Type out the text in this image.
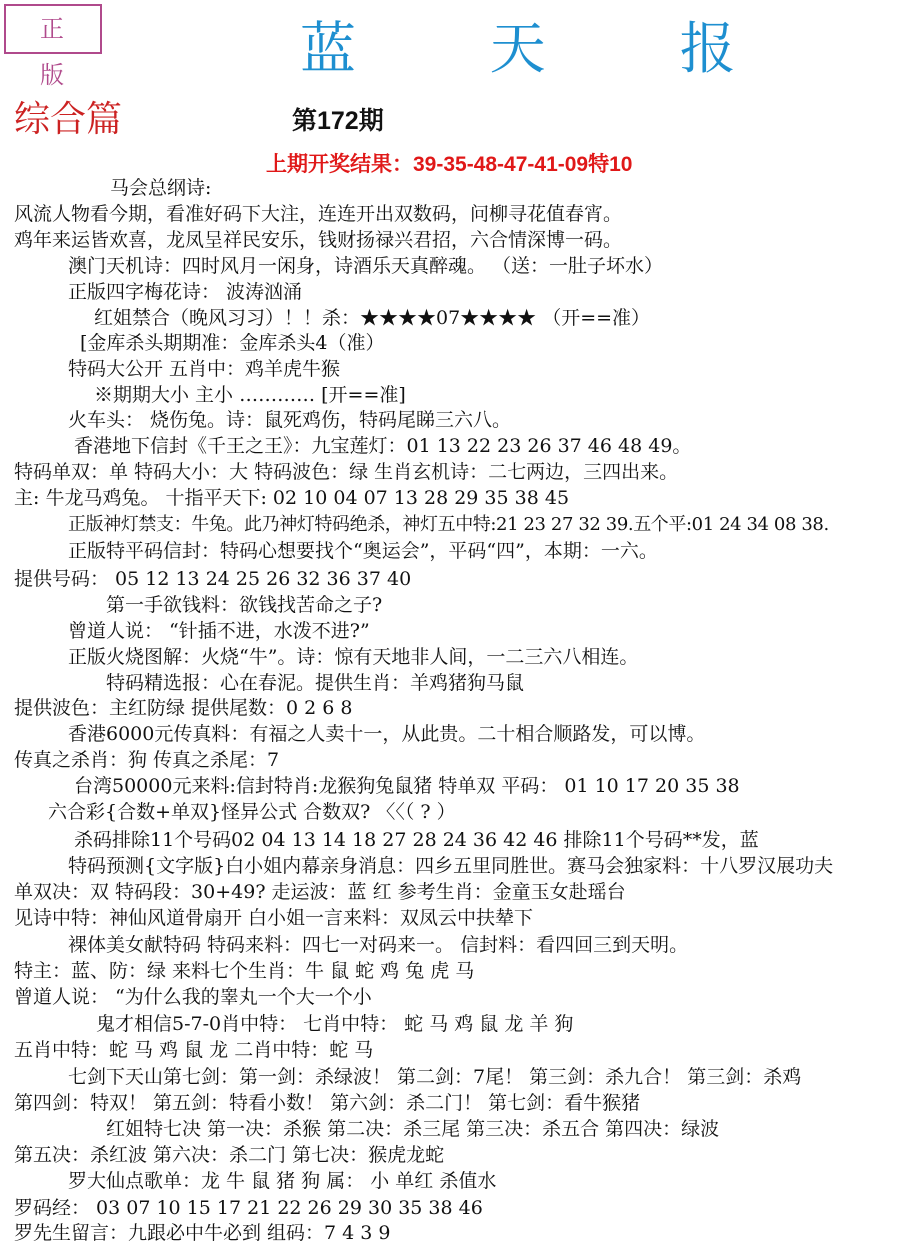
正 版	蓝 天 报
综合篇	第172期
上期开奖结果：39-35-48-47-41-09特10
马会总纲诗:
风流人物看今期，看准好码下大注，连连开出双数码，问柳寻花值春宵。
鸡年来运皆欢喜，龙凤呈祥民安乐，钱财扬禄兴君招，六合情深博一码。
澳门天机诗：四时风月一闲身，诗酒乐天真醉魂。 （送：一肚子坏水）
正版四字梅花诗： 波涛汹涌
红姐禁合（晚风习习）！！杀：★★★★07★★★★ （开==准）
[金库杀头期期准：金库杀头4（准）
特码大公开 五肖中：鸡羊虎牛猴
※期期大小 主小 ………… [开==准]
火车头： 烧伤兔。诗：鼠死鸡伤，特码尾睇三六八。
香港地下信封《千王之王》：九宝莲灯：01 13 22 23 26 37 46 48 49。
特码单双：单 特码大小：大 特码波色：绿 生肖玄机诗：二七两边，三四出来。
主: 牛龙马鸡兔。 十指平天下: 02 10 04 07 13 28 29 35 38 45
正版神灯禁支：牛兔。此乃神灯特码绝杀，神灯五中特:21 23 27 32 39.五个平:01 24 34 08 38.
正版特平码信封：特码心想要找个“奥运会”，平码“四”，本期：一六。
提供号码： 05 12 13 24 25 26 32 36 37 40
第一手欲钱料：欲钱找苦命之子?
曾道人说： “针插不进，水泼不进?”
正版火烧图解：火烧“牛”。诗：惊有天地非人间，一二三六八相连。
特码精选报：心在春泥。提供生肖：羊鸡猪狗马鼠
提供波色：主红防绿 提供尾数：0 2 6 8
香港6000元传真料：有福之人卖十一，从此贵。二十相合顺路发，可以博。
传真之杀肖：狗 传真之杀尾：7
台湾50000元来料:信封特肖:龙猴狗兔鼠猪 特单双 平码： 01 10 17 20 35 38
六合彩{合数+单双}怪异公式 合数双? 〈〈（ ? ）
杀码排除11个号码02 04 13 14 18 27 28 24 36 42 46 排除11个号码**发，蓝
特码预测{文字版}白小姐内幕亲身消息：四乡五里同胜世。赛马会独家料：十八罗汉展功夫
单双决：双 特码段：30+49? 走运波：蓝 红 参考生肖：金童玉女赴瑶台
见诗中特：神仙风道骨扇开 白小姐一言来料：双凤云中扶辇下
裸体美女献特码 特码来料：四七一对码来一。 信封料：看四回三到天明。
特主：蓝、防：绿 来料七个生肖：牛 鼠 蛇 鸡 兔 虎 马
曾道人说： “为什么我的睾丸一个大一个小
鬼才相信5-7-0肖中特： 七肖中特： 蛇 马 鸡 鼠 龙 羊 狗
五肖中特：蛇 马 鸡 鼠 龙 二肖中特：蛇 马
七剑下天山第七剑：第一剑：杀绿波！ 第二剑：7尾！ 第三剑：杀九合！ 第三剑：杀鸡
第四剑：特双！ 第五剑：特看小数！ 第六剑：杀二门！ 第七剑：看牛猴猪
红姐特七决 第一决：杀猴 第二决：杀三尾 第三决：杀五合 第四决：绿波
第五决：杀红波 第六决：杀二门 第七决：猴虎龙蛇
罗大仙点歌单：龙 牛 鼠 猪 狗 属： 小 单红 杀值水
罗码经： 03 07 10 15 17 21 22 26 29 30 35 38 46
罗先生留言：九跟必中牛必到 组码：7 4 3 9
